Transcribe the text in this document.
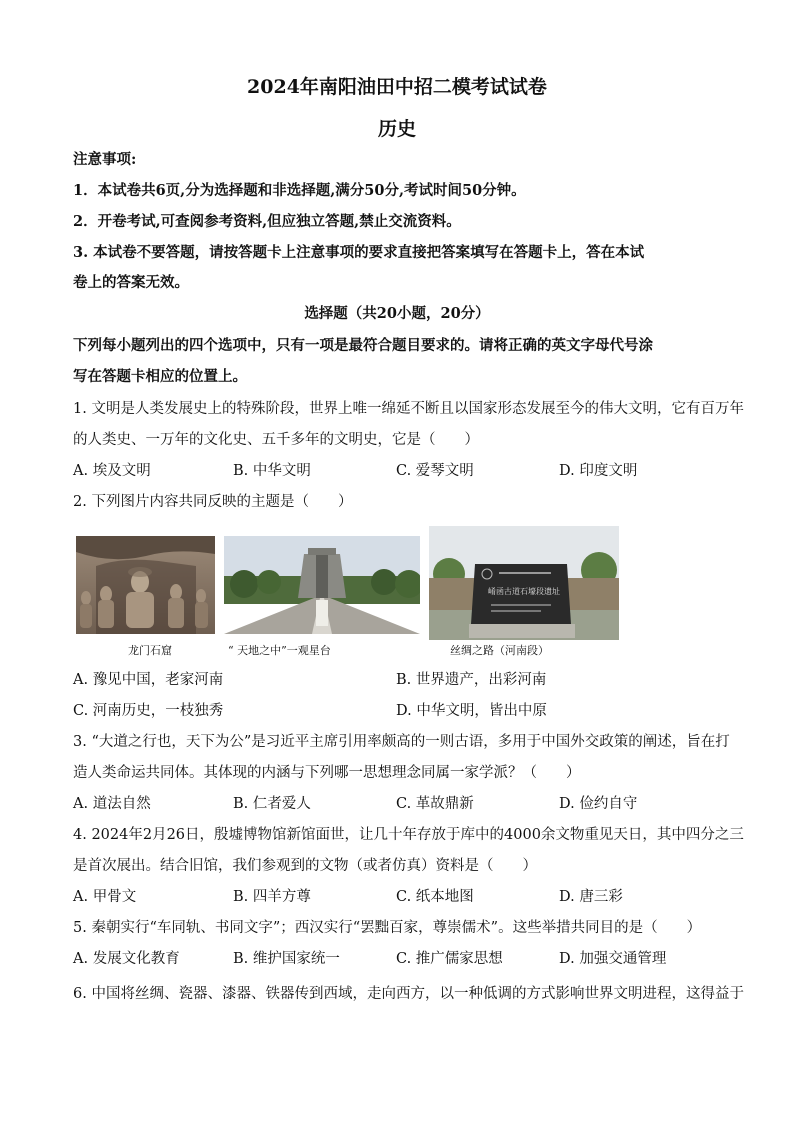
2024年南阳油田中招二模考试试卷
历史
注意事项:
1．本试卷共6页,分为选择题和非选择题,满分50分,考试时间50分钟。
2．开卷考试,可查阅参考资料,但应独立答题,禁止交流资料。
3. 本试卷不要答题，请按答题卡上注意事项的要求直接把答案填写在答题卡上，答在本试
卷上的答案无效。
选择题（共20小题，20分）
下列每小题列出的四个选项中，只有一项是最符合题目要求的。请将正确的英文字母代号涂
写在答题卡相应的位置上。
1. 文明是人类发展史上的特殊阶段，世界上唯一绵延不断且以国家形态发展至今的伟大文明，它有百万年
的人类史、一万年的文化史、五千多年的文明史，它是（　　）
A. 埃及文明	B. 中华文明	C. 爱琴文明	D. 印度文明
2. 下列图片内容共同反映的主题是（　　）
龙门石窟	“ 天地之中”一观星台
崤函古道石壕段遗址
丝绸之路（河南段）
A. 豫见中国，老家河南	B. 世界遗产，出彩河南
C. 河南历史，一枝独秀	D. 中华文明，皆出中原
3. “大道之行也，天下为公”是习近平主席引用率颇高的一则古语，多用于中国外交政策的阐述，旨在打
造人类命运共同体。其体现的内涵与下列哪一思想理念同属一家学派？（　　）
A. 道法自然	B. 仁者爱人	C. 革故鼎新	D. 俭约自守
4. 2024年2月26日，殷墟博物馆新馆面世，让几十年存放于库中的4000余文物重见天日，其中四分之三
是首次展出。结合旧馆，我们参观到的文物（或者仿真）资料是（　　）
A. 甲骨文	B. 四羊方尊	C. 纸本地图	D. 唐三彩
5. 秦朝实行“车同轨、书同文字”；西汉实行“罢黜百家，尊崇儒术”。这些举措共同目的是（　　）
A. 发展文化教育	B. 维护国家统一	C. 推广儒家思想	D. 加强交通管理
6. 中国将丝绸、瓷器、漆器、铁器传到西域，走向西方，以一种低调的方式影响世界文明进程，这得益于
